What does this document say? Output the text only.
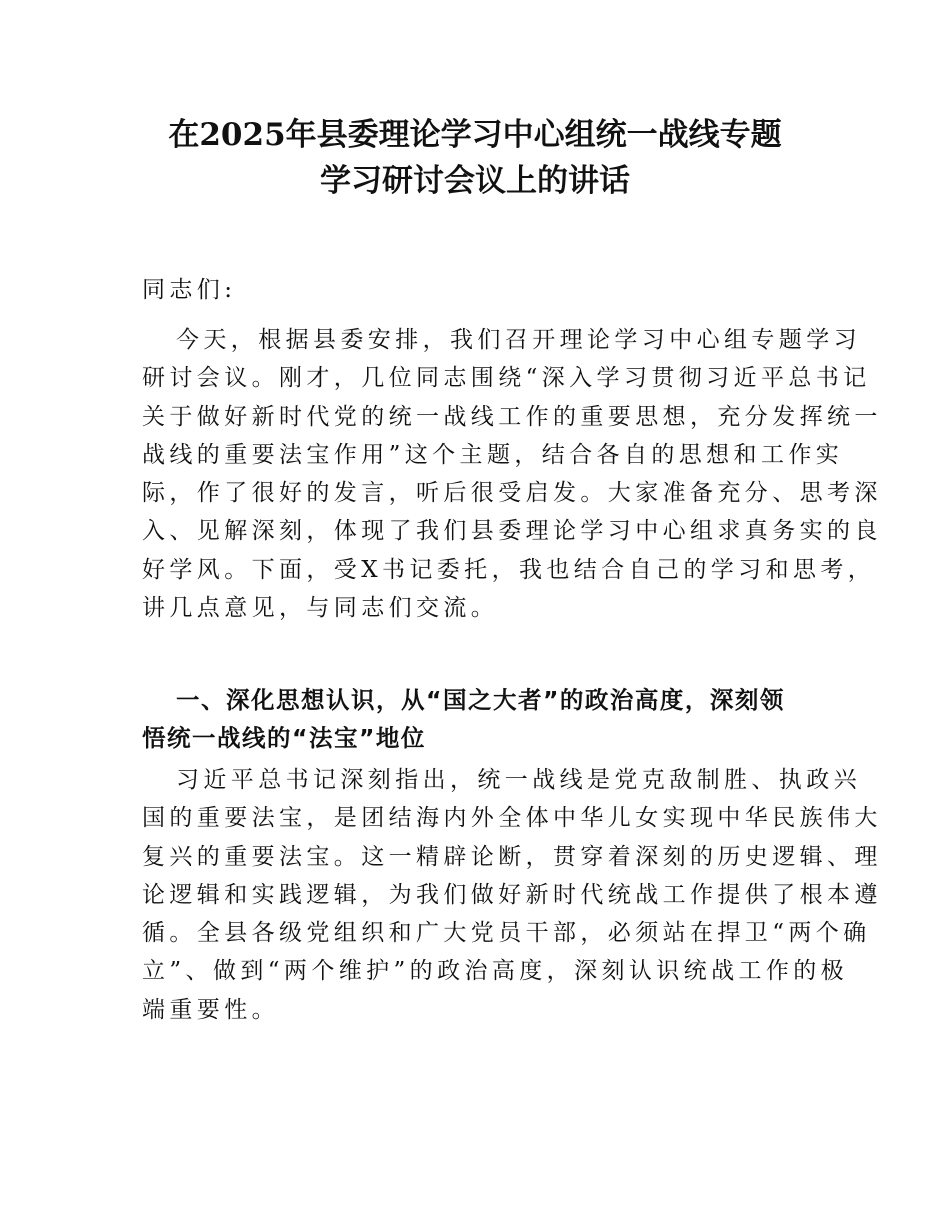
在2025年县委理论学习中心组统一战线专题
学习研讨会议上的讲话
同志们:
今天，根据县委安排，我们召开理论学习中心组专题学习
研讨会议。刚才，几位同志围绕“深入学习贯彻习近平总书记
关于做好新时代党的统一战线工作的重要思想，充分发挥统一
战线的重要法宝作用”这个主题，结合各自的思想和工作实
际，作了很好的发言，听后很受启发。大家准备充分、思考深
入、见解深刻，体现了我们县委理论学习中心组求真务实的良
好学风。下面，受X书记委托，我也结合自己的学习和思考，
讲几点意见，与同志们交流。
一、深化思想认识，从“国之大者”的政治高度，深刻领
悟统一战线的“法宝”地位
习近平总书记深刻指出，统一战线是党克敌制胜、执政兴
国的重要法宝，是团结海内外全体中华儿女实现中华民族伟大
复兴的重要法宝。这一精辟论断，贯穿着深刻的历史逻辑、理
论逻辑和实践逻辑，为我们做好新时代统战工作提供了根本遵
循。全县各级党组织和广大党员干部，必须站在捍卫“两个确
立”、做到“两个维护”的政治高度，深刻认识统战工作的极
端重要性。
